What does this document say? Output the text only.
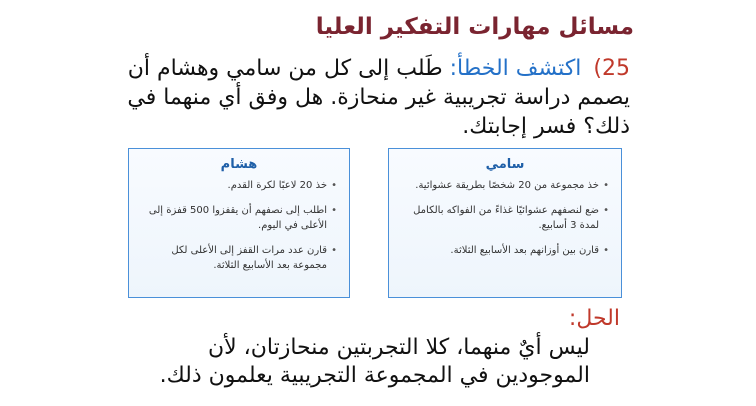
مسائل مهارات التفكير العليا
25)اكتشف الخطأ: طَلب إلى كل من سامي وهشام أن يصمم دراسة تجريبية غير منحازة. هل وفق أي منهما في ذلك؟ فسر إجابتك.
سامي
• خذ مجموعة من 20 شخصًا بطريقة عشوائية.
• ضع لنصفهم عشوائيًا غذاءً من الفواكه بالكامل لمدة 3 أسابيع.
• قارن بين أوزانهم بعد الأسابيع الثلاثة.
هشام
• خذ 20 لاعبًا لكرة القدم.
• اطلب إلى نصفهم أن يقفزوا 500 قفزة إلى الأعلى في اليوم.
• قارن عدد مرات القفز إلى الأعلى لكل مجموعة بعد الأسابيع الثلاثة.
الحل:
ليس أيٌ منهما، كلا التجربتين منحازتان، لأن الموجودين في المجموعة التجريبية يعلمون ذلك.
